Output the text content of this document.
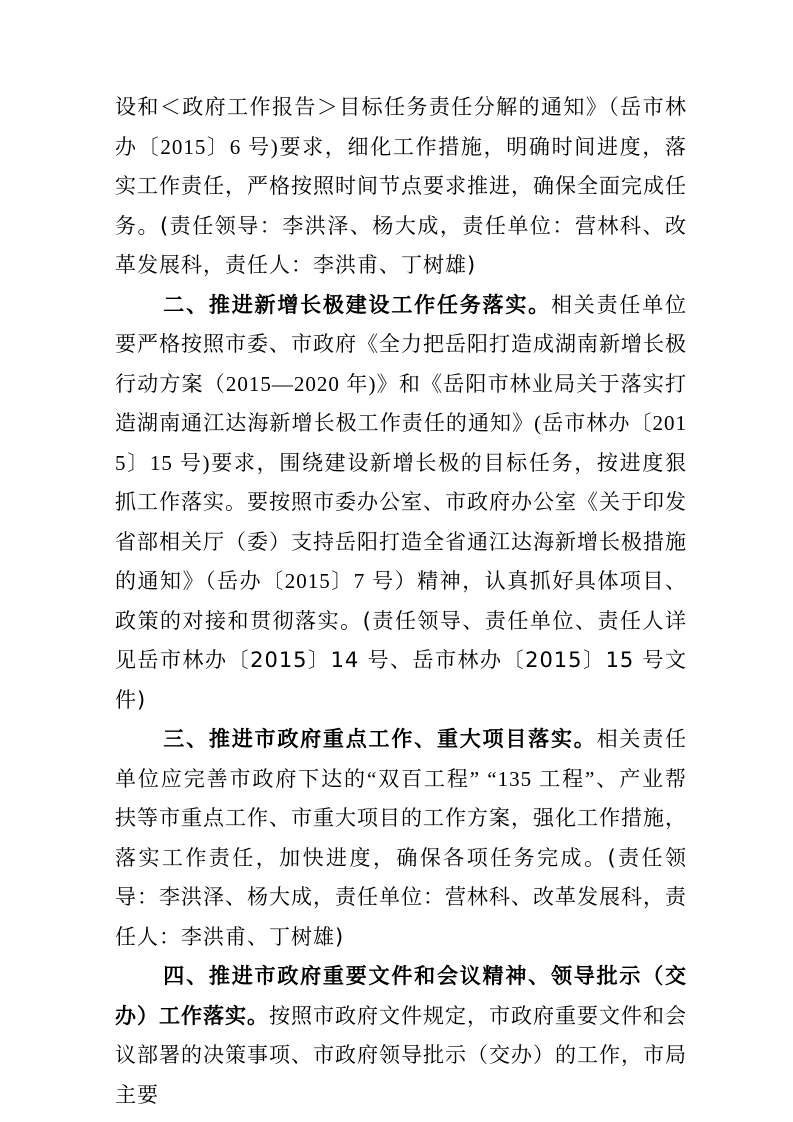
设和＜政府工作报告＞目标任务责任分解的通知》（岳市林办〔2015〕6 号)要求，细化工作措施，明确时间进度，落实工作责任，严格按照时间节点要求推进，确保全面完成任务。(责任领导：李洪泽、杨大成，责任单位：营林科、改革发展科，责任人：李洪甫、丁树雄)

二、推进新增长极建设工作任务落实。相关责任单位要严格按照市委、市政府《全力把岳阳打造成湖南新增长极行动方案（2015—2020 年)》和《岳阳市林业局关于落实打造湖南通江达海新增长极工作责任的通知》(岳市林办〔2015〕15 号)要求，围绕建设新增长极的目标任务，按进度狠抓工作落实。要按照市委办公室、市政府办公室《关于印发省部相关厅（委）支持岳阳打造全省通江达海新增长极措施的通知》（岳办〔2015〕7 号）精神，认真抓好具体项目、政策的对接和贯彻落实。(责任领导、责任单位、责任人详见岳市林办〔2015〕14 号、岳市林办〔2015〕15 号文件)

三、推进市政府重点工作、重大项目落实。相关责任单位应完善市政府下达的“双百工程” “135 工程”、产业帮扶等市重点工作、市重大项目的工作方案，强化工作措施，落实工作责任，加快进度，确保各项任务完成。(责任领导：李洪泽、杨大成，责任单位：营林科、改革发展科，责任人：李洪甫、丁树雄)

四、推进市政府重要文件和会议精神、领导批示（交办）工作落实。按照市政府文件规定，市政府重要文件和会议部署的决策事项、市政府领导批示（交办）的工作，市局主要
